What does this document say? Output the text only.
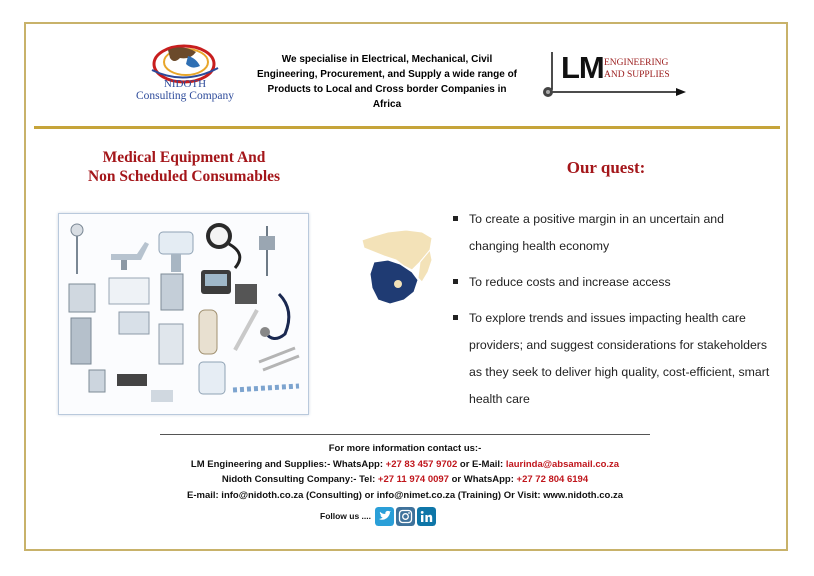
NIDOTH
Consulting Company
We specialise in Electrical, Mechanical, Civil Engineering, Procurement, and Supply a wide range of Products to Local and Cross border Companies in Africa
LM ENGINEERING
AND SUPPLIES
Medical Equipment And
Non Scheduled Consumables	Our quest:
To create a positive margin in an uncertain and changing health economy
To reduce costs and increase access
To explore trends and issues impacting health care providers; and suggest considerations for stakeholders as they seek to deliver high quality, cost-efficient, smart health care
For more information contact us:-
LM Engineering and Supplies:- WhatsApp: +27 83 457 9702 or E-Mail: laurinda@absamail.co.za
Nidoth Consulting Company:- Tel: +27 11 974 0097 or WhatsApp: +27 72 804 6194
E-mail: info@nidoth.co.za (Consulting) or info@nimet.co.za (Training) Or Visit: www.nidoth.co.za
Follow us ....
